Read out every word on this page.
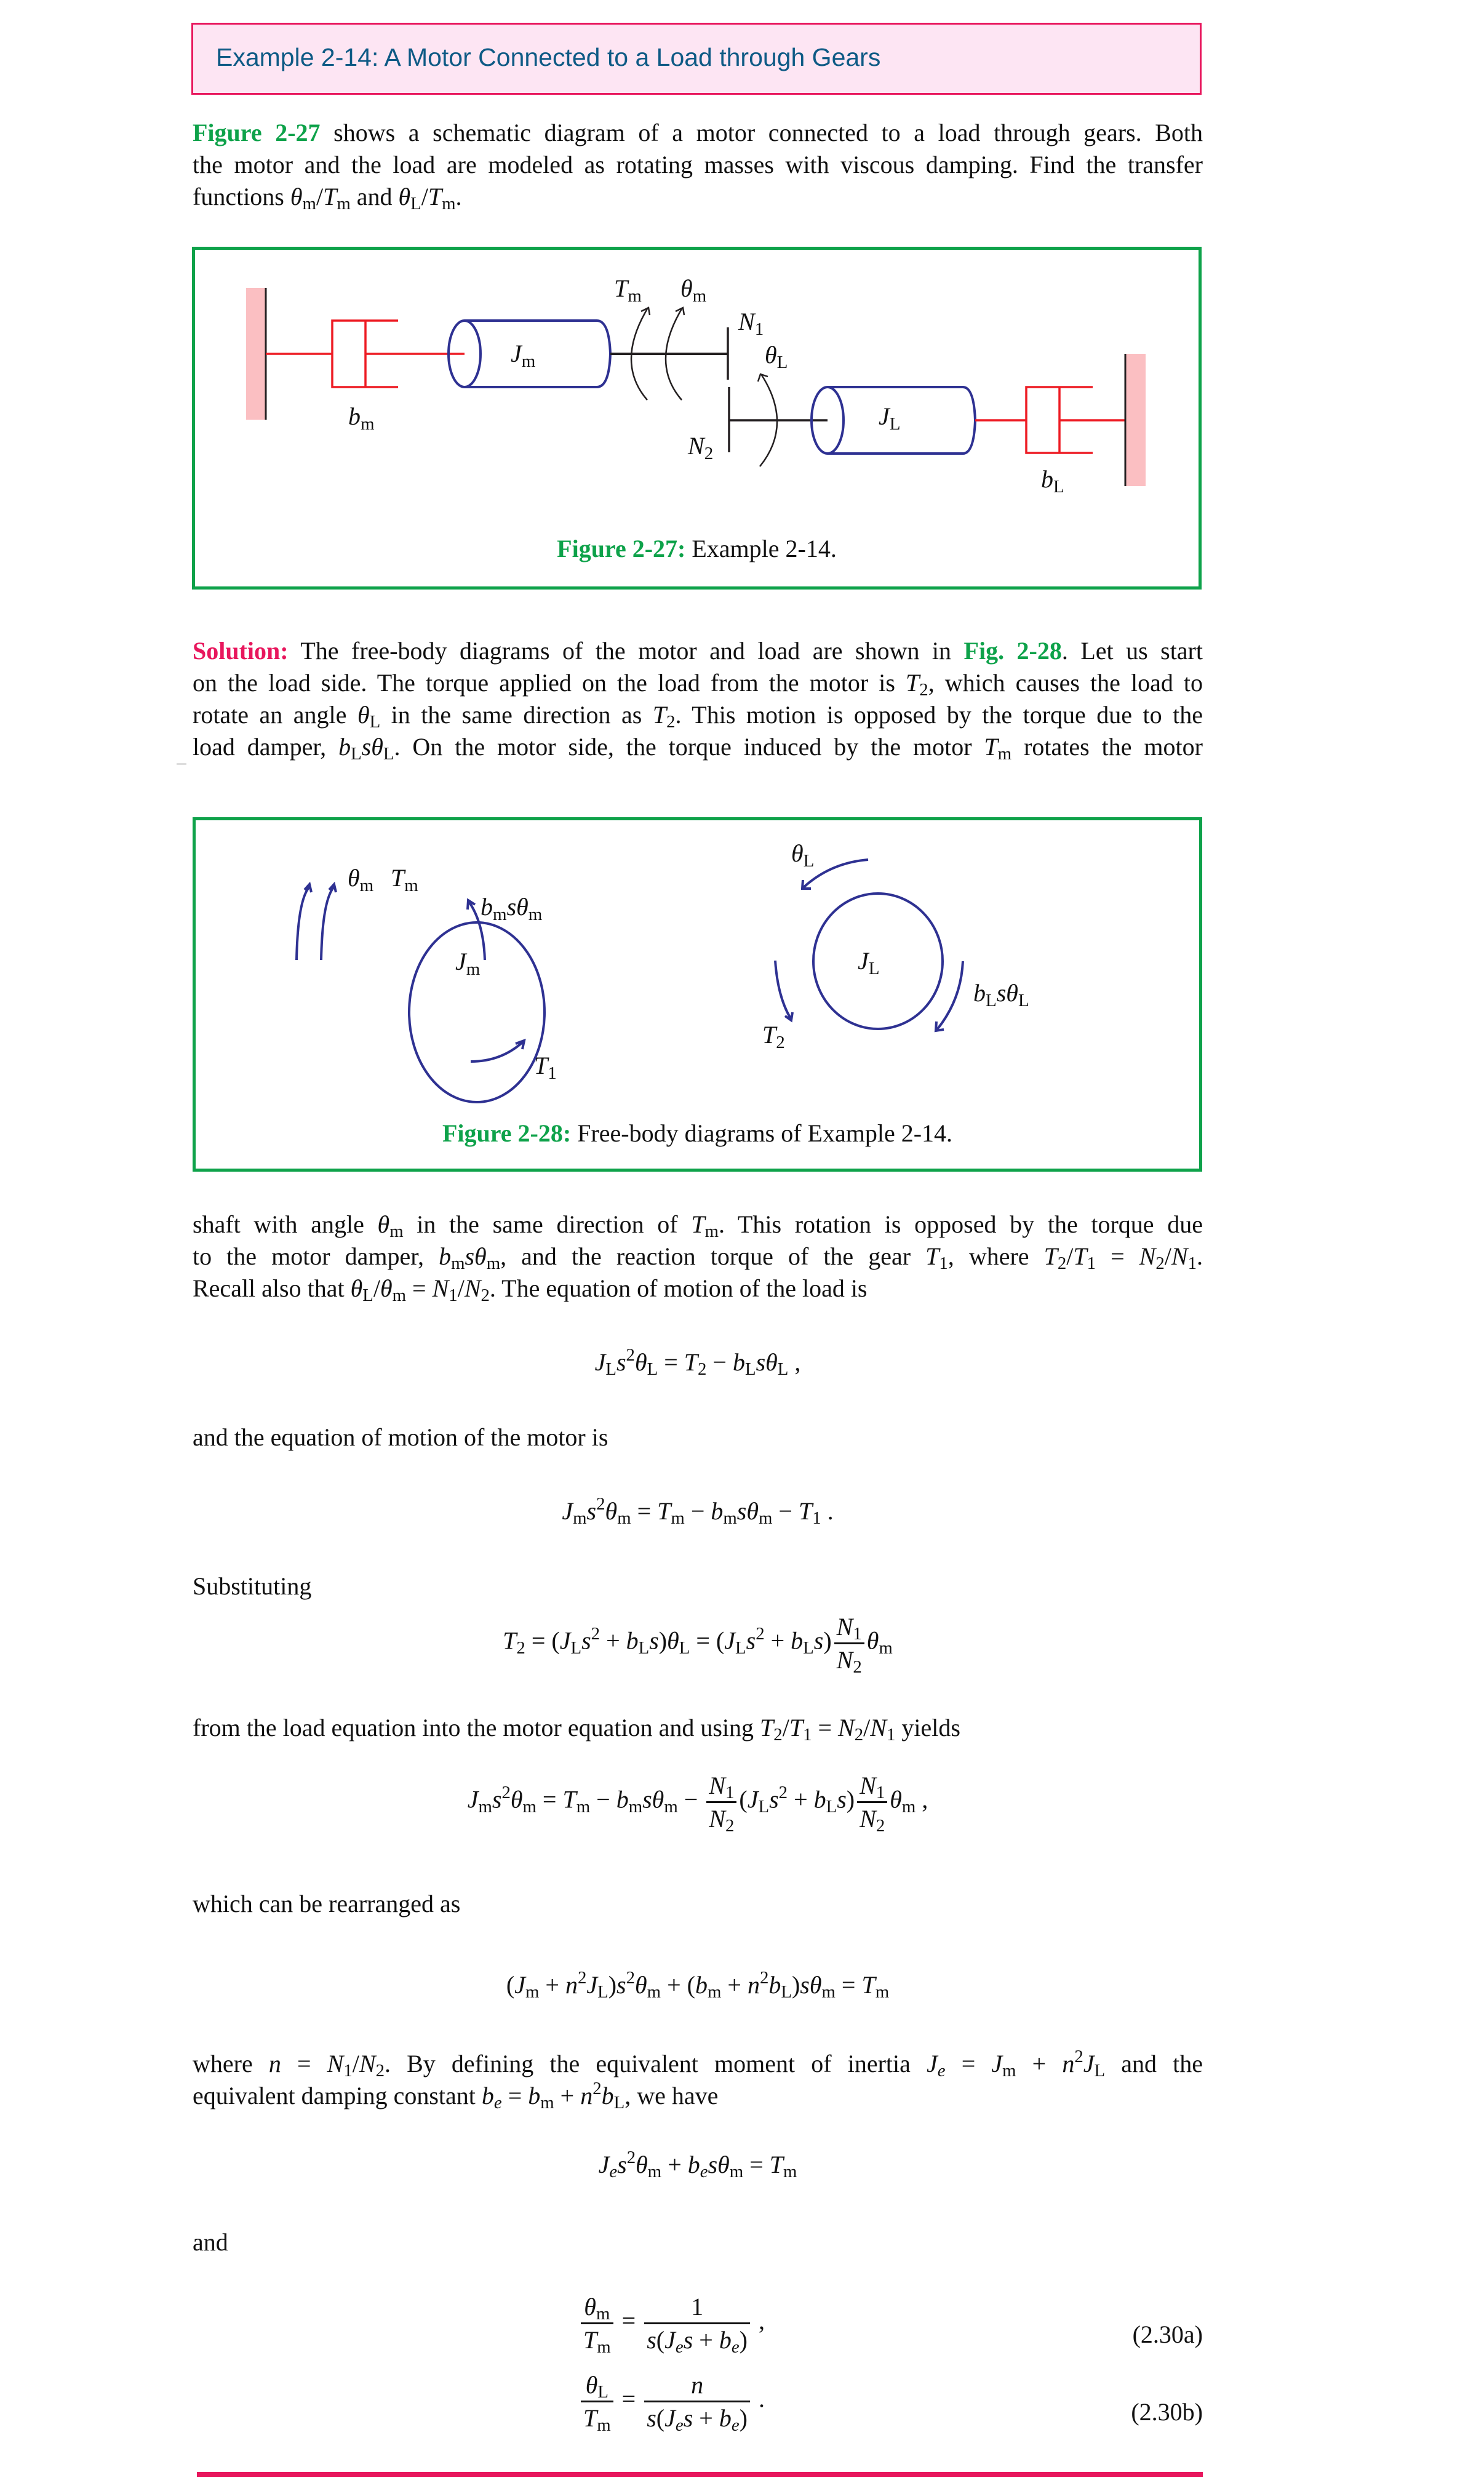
Example 2-14: A Motor Connected to a Load through Gears
Figure 2-27 shows a schematic diagram of a motor connected to a load through gears. Both
the motor and the load are modeled as rotating masses with viscous damping. Find the transfer
functions $\theta_m/T_m$ and $\theta_L/T_m$.
$T_m$ $\theta_m$
$N_1$
$\theta_L$
$J_m$
$J_L$
$b_m$
$N_2$
$b_L$
Figure 2-27: Example 2-14.
Solution: The free-body diagrams of the motor and load are shown in Fig. 2-28. Let us start
on the load side. The torque applied on the load from the motor is $T_2$, which causes the load to
rotate an angle $\theta_L$ in the same direction as $T_2$. This motion is opposed by the torque due to the
load damper, $b_Ls\theta_L$. On the motor side, the torque induced by the motor $T_m$ rotates the motor
$\theta_m$ $T_m$
$J_m$
$b_ms\theta_m$
$T_1$
$\theta_L$
$J_L$
$T_2$
$b_Ls\theta_L$
Figure 2-28: Free-body diagrams of Example 2-14.
shaft with angle $\theta_m$ in the same direction of $T_m$. This rotation is opposed by the torque due
to the motor damper, $b_ms\theta_m$, and the reaction torque of the gear $T_1$, where $T_2/T_1 = N_2/N_1$.
Recall also that $\theta_L/\theta_m = N_1/N_2$. The equation of motion of the load is
$J_Ls^2\theta_L = T_2 - b_Ls\theta_L$ ,
and the equation of motion of the motor is
$J_ms^2\theta_m = T_m - b_ms\theta_m - T_1$ .
Substituting
$T_2 = (J_Ls^2 + b_Ls)\theta_L = (J_Ls^2 + b_Ls) \frac{N_1}{N_2} \theta_m$
from the load equation into the motor equation and using $T_2/T_1 = N_2/N_1$ yields
$J_ms^2\theta_m = T_m - b_ms\theta_m - \frac{N_1}{N_2} (J_Ls^2 + b_Ls) \frac{N_1}{N_2} \theta_m$ ,
which can be rearranged as
$(J_m + n^2J_L)s^2\theta_m + (b_m + n^2b_L)s\theta_m = T_m$
where $n = N_1/N_2$. By defining the equivalent moment of inertia $J_e = J_m + n^2J_L$ and the
equivalent damping constant $b_e = b_m + n^2b_L$, we have
$J_es^2\theta_m + b_es\theta_m = T_m$
and
$\frac{\theta_m}{T_m} = \frac{1}{s(J_es + b_e)}$ ,	(2.30a)
$\frac{\theta_L}{T_m} = \frac{n}{s(J_es + b_e)}$ .	(2.30b)
